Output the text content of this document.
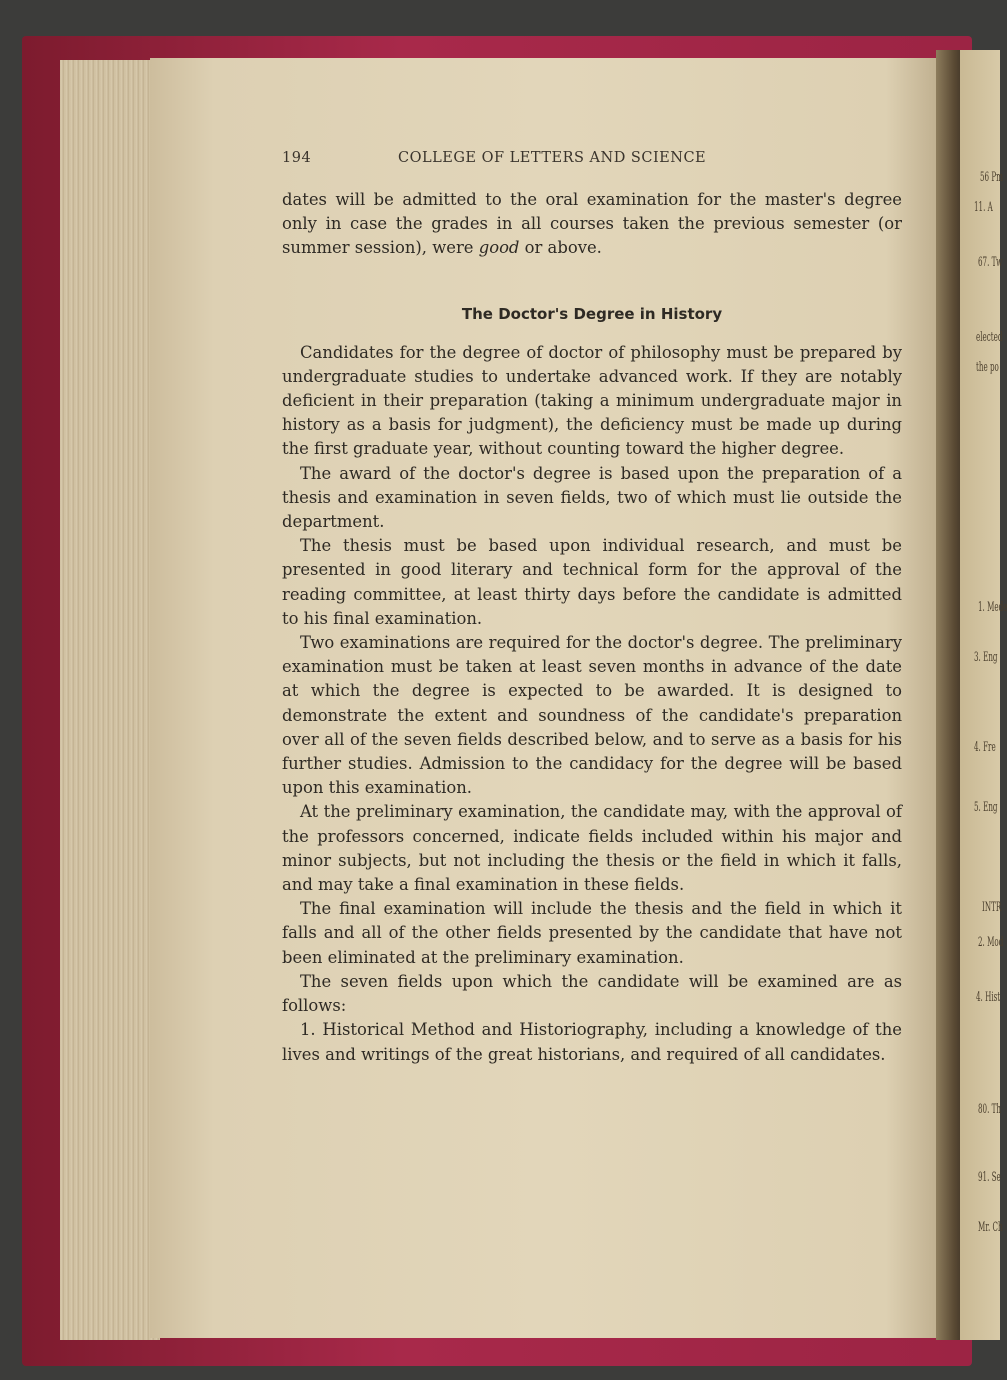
56 Pm
11. A
67. Tw
elected
the po
1. Mede
3. Eng
4. Fre
5. Eng
INTR
2. Mod
4. Hist
80. Th
91. Se
Mr. Ch
194	COLLEGE OF LETTERS AND SCIENCE

dates will be admitted to the oral examination for the master's degree only in case the grades in all courses taken the previous semester (or summer session), were good or above.

The Doctor's Degree in History

Candidates for the degree of doctor of philosophy must be prepared by undergraduate studies to undertake advanced work. If they are notably deficient in their preparation (taking a minimum undergraduate major in history as a basis for judgment), the deficiency must be made up during the first graduate year, without counting toward the higher degree.

The award of the doctor's degree is based upon the preparation of a thesis and examination in seven fields, two of which must lie outside the department.

The thesis must be based upon individual research, and must be presented in good literary and technical form for the approval of the reading committee, at least thirty days before the candidate is admitted to his final examination.

Two examinations are required for the doctor's degree. The preliminary examination must be taken at least seven months in advance of the date at which the degree is expected to be awarded. It is designed to demonstrate the extent and soundness of the candidate's preparation over all of the seven fields described below, and to serve as a basis for his further studies. Admission to the candidacy for the degree will be based upon this examination.

At the preliminary examination, the candidate may, with the approval of the professors concerned, indicate fields included within his major and minor subjects, but not including the thesis or the field in which it falls, and may take a final examination in these fields.

The final examination will include the thesis and the field in which it falls and all of the other fields presented by the candidate that have not been eliminated at the preliminary examination.

The seven fields upon which the candidate will be examined are as follows:

1. Historical Method and Historiography, including a knowledge of the lives and writings of the great historians, and required of all candidates.
